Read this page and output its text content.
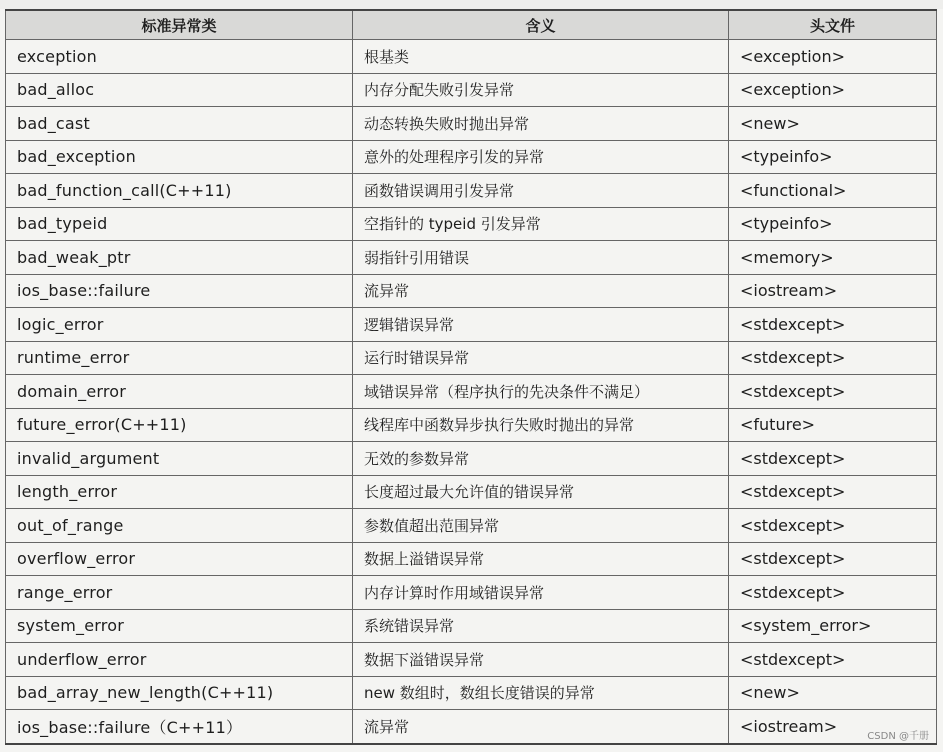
标准异常类	含义	头文件
exception	根基类	<exception>
bad_alloc	内存分配失败引发异常	<exception>
bad_cast	动态转换失败时抛出异常	<new>
bad_exception	意外的处理程序引发的异常	<typeinfo>
bad_function_call(C++11)	函数错误调用引发异常	<functional>
bad_typeid	空指针的 typeid 引发异常	<typeinfo>
bad_weak_ptr	弱指针引用错误	<memory>
ios_base::failure	流异常	<iostream>
logic_error	逻辑错误异常	<stdexcept>
runtime_error	运行时错误异常	<stdexcept>
domain_error	域错误异常（程序执行的先决条件不满足）	<stdexcept>
future_error(C++11)	线程库中函数异步执行失败时抛出的异常	<future>
invalid_argument	无效的参数异常	<stdexcept>
length_error	长度超过最大允许值的错误异常	<stdexcept>
out_of_range	参数值超出范围异常	<stdexcept>
overflow_error	数据上溢错误异常	<stdexcept>
range_error	内存计算时作用域错误异常	<stdexcept>
system_error	系统错误异常	<system_error>
underflow_error	数据下溢错误异常	<stdexcept>
bad_array_new_length(C++11)	new 数组时，数组长度错误的异常	<new>
ios_base::failure（C++11）	流异常	<iostream>
CSDN @千册
